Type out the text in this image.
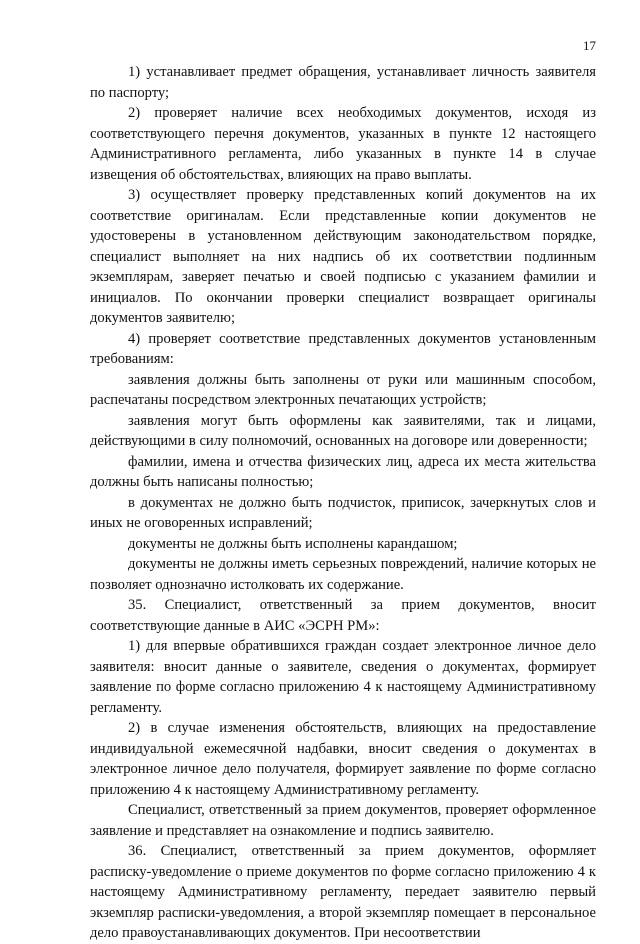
17

1) устанавливает предмет обращения, устанавливает личность заявителя по паспорту;

2) проверяет наличие всех необходимых документов, исходя из соответствующего перечня документов, указанных в пункте 12 настоящего Административного регламента, либо указанных в пункте 14 в случае извещения об обстоятельствах, влияющих на право выплаты.

3) осуществляет проверку представленных копий документов на их соответствие оригиналам. Если представленные копии документов не удостоверены в установленном действующим законодательством порядке, специалист выполняет на них надпись об их соответствии подлинным экземплярам, заверяет печатью и своей подписью с указанием фамилии и инициалов. По окончании проверки специалист возвращает оригиналы документов заявителю;

4) проверяет соответствие представленных документов установленным требованиям:

заявления должны быть заполнены от руки или машинным способом, распечатаны посредством электронных печатающих устройств;

заявления могут быть оформлены как заявителями, так и лицами, действующими в силу полномочий, основанных на договоре или доверенности;

фамилии, имена и отчества физических лиц, адреса их места жительства должны быть написаны полностью;

в документах не должно быть подчисток, приписок, зачеркнутых слов и иных не оговоренных исправлений;

документы не должны быть исполнены карандашом;

документы не должны иметь серьезных повреждений, наличие которых не позволяет однозначно истолковать их содержание.

35. Специалист, ответственный за прием документов, вносит соответствующие данные в АИС «ЭСРН РМ»:

1) для впервые обратившихся граждан создает электронное личное дело заявителя: вносит данные о заявителе, сведения о документах, формирует заявление по форме согласно приложению 4 к настоящему Административному регламенту.

2) в случае изменения обстоятельств, влияющих на предоставление индивидуальной ежемесячной надбавки, вносит сведения о документах в электронное личное дело получателя, формирует заявление по форме согласно приложению 4 к настоящему Административному регламенту.

Специалист, ответственный за прием документов, проверяет оформленное заявление и представляет на ознакомление и подпись заявителю.

36. Специалист, ответственный за прием документов, оформляет расписку-уведомление о приеме документов по форме согласно приложению 4 к настоящему Административному регламенту, передает заявителю первый экземпляр расписки-уведомления, а второй экземпляр помещает в персональное дело правоустанавливающих документов. При несоответствии
